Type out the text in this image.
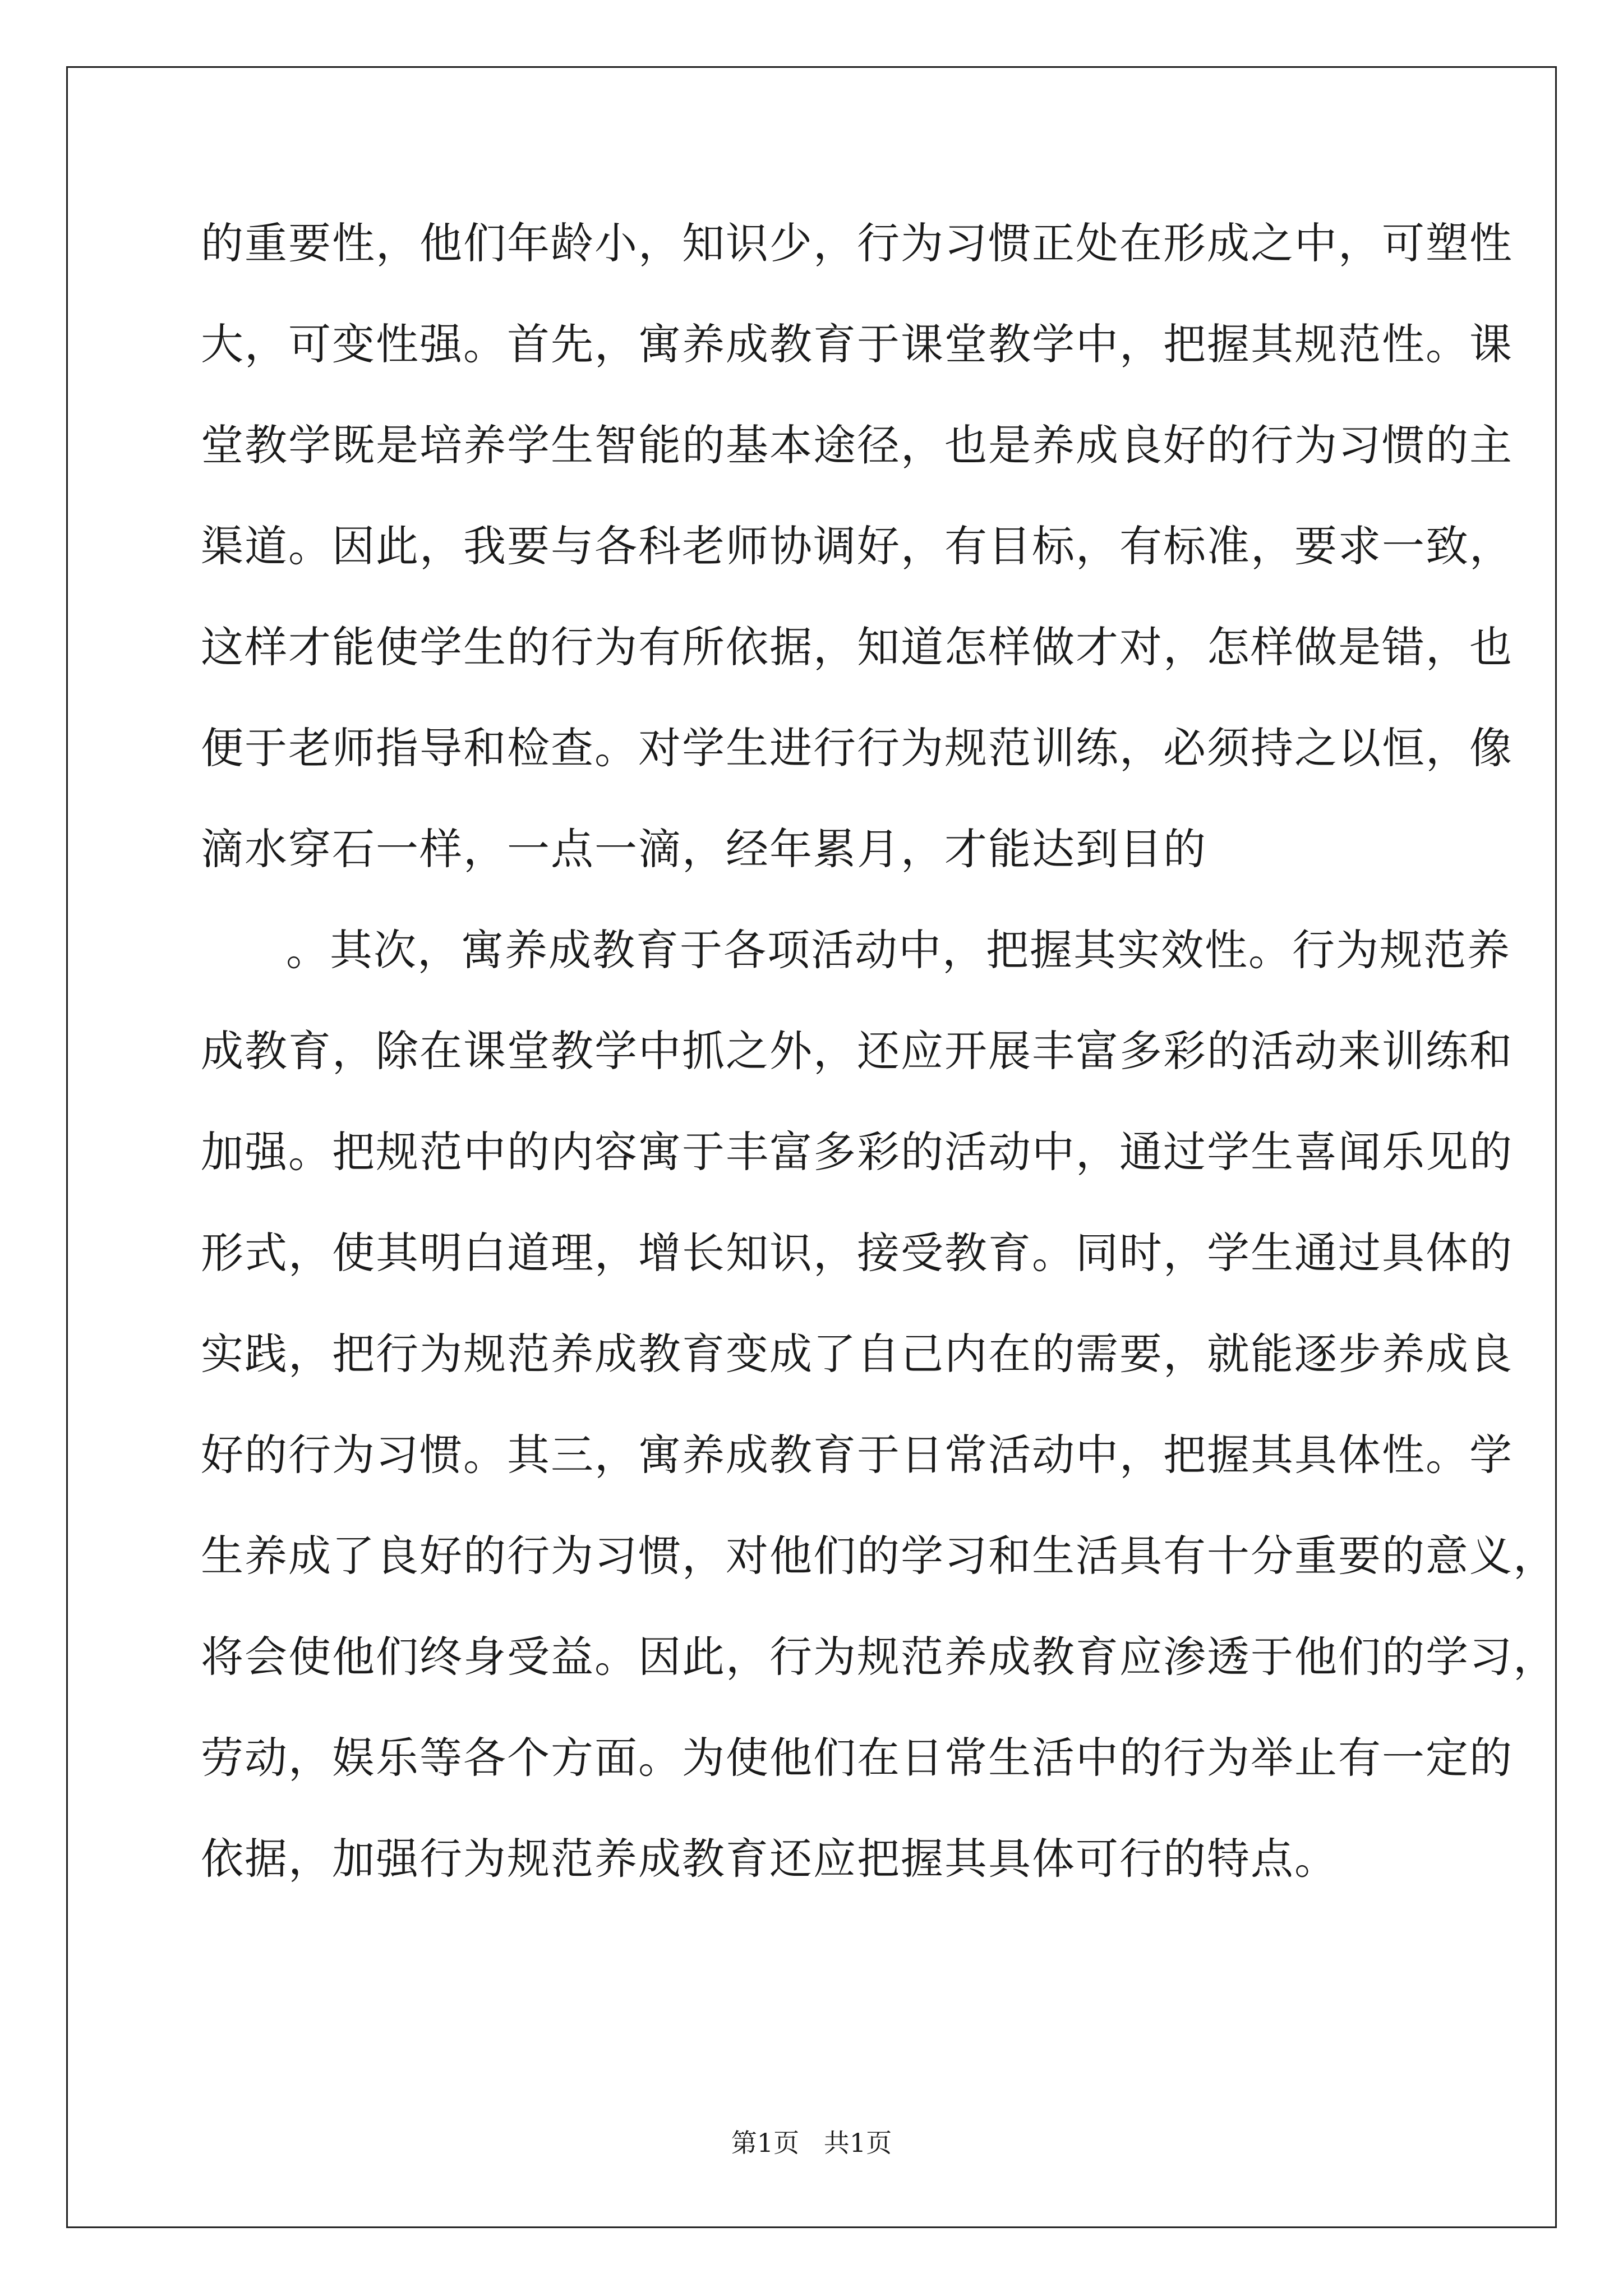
的重要性，他们年龄小，知识少，行为习惯正处在形成之中，可塑性
大，可变性强。首先，寓养成教育于课堂教学中，把握其规范性。课
堂教学既是培养学生智能的基本途径，也是养成良好的行为习惯的主
渠道。因此，我要与各科老师协调好，有目标，有标准，要求一致，
这样才能使学生的行为有所依据，知道怎样做才对，怎样做是错，也
便于老师指导和检查。对学生进行行为规范训练，必须持之以恒，像
滴水穿石一样，一点一滴，经年累月，才能达到目的
。其次，寓养成教育于各项活动中，把握其实效性。行为规范养
成教育，除在课堂教学中抓之外，还应开展丰富多彩的活动来训练和
加强。把规范中的内容寓于丰富多彩的活动中，通过学生喜闻乐见的
形式，使其明白道理，增长知识，接受教育。同时，学生通过具体的
实践，把行为规范养成教育变成了自己内在的需要，就能逐步养成良
好的行为习惯。其三，寓养成教育于日常活动中，把握其具体性。学
生养成了良好的行为习惯，对他们的学习和生活具有十分重要的意义，
将会使他们终身受益。因此，行为规范养成教育应渗透于他们的学习，
劳动，娱乐等各个方面。为使他们在日常生活中的行为举止有一定的
依据，加强行为规范养成教育还应把握其具体可行的特点。
第1页   共1页
